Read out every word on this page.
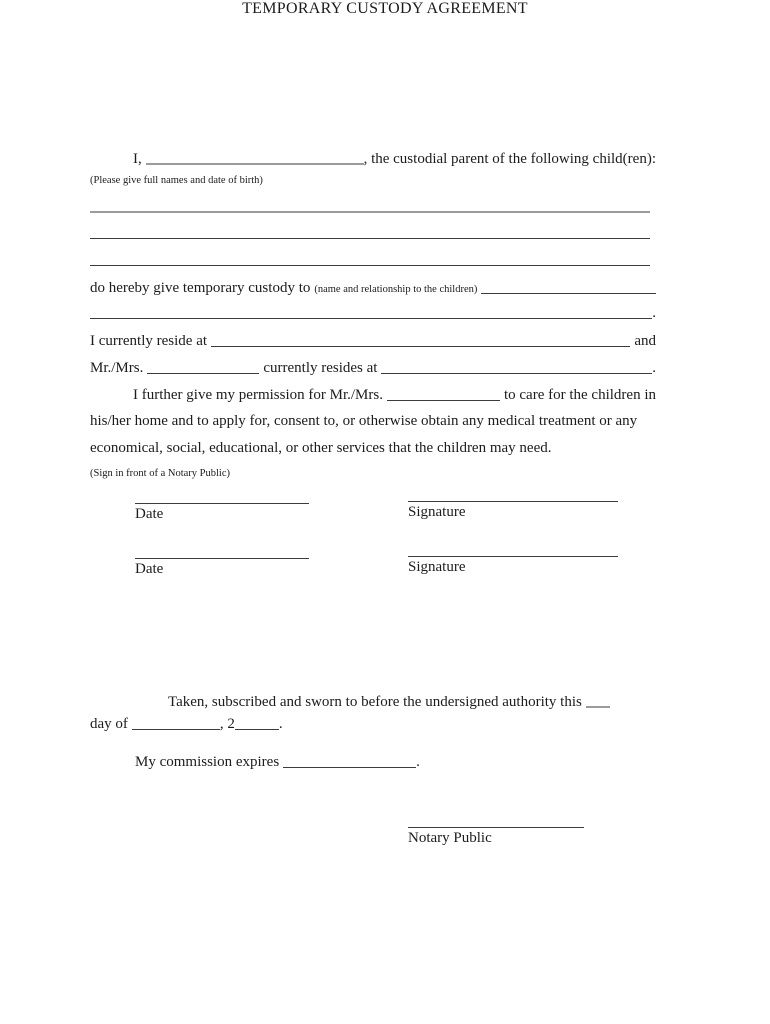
TEMPORARY CUSTODY AGREEMENT
I,	, the custodial parent of the following child(ren):
(Please give full names and date of birth)
do hereby give temporary custody to (name and relationship to the children)
.
I currently reside at	and
Mr./Mrs.	currently resides at	.
I further give my permission for Mr./Mrs.	to care for the children in
his/her home and to apply for, consent to, or otherwise obtain any medical treatment or any
economical, social, educational, or other services that the children may need.
(Sign in front of a Notary Public)
Date	Signature
Date	Signature
Taken, subscribed and sworn to before the undersigned authority this
day of	, 2	.
My commission expires	.
Notary Public
